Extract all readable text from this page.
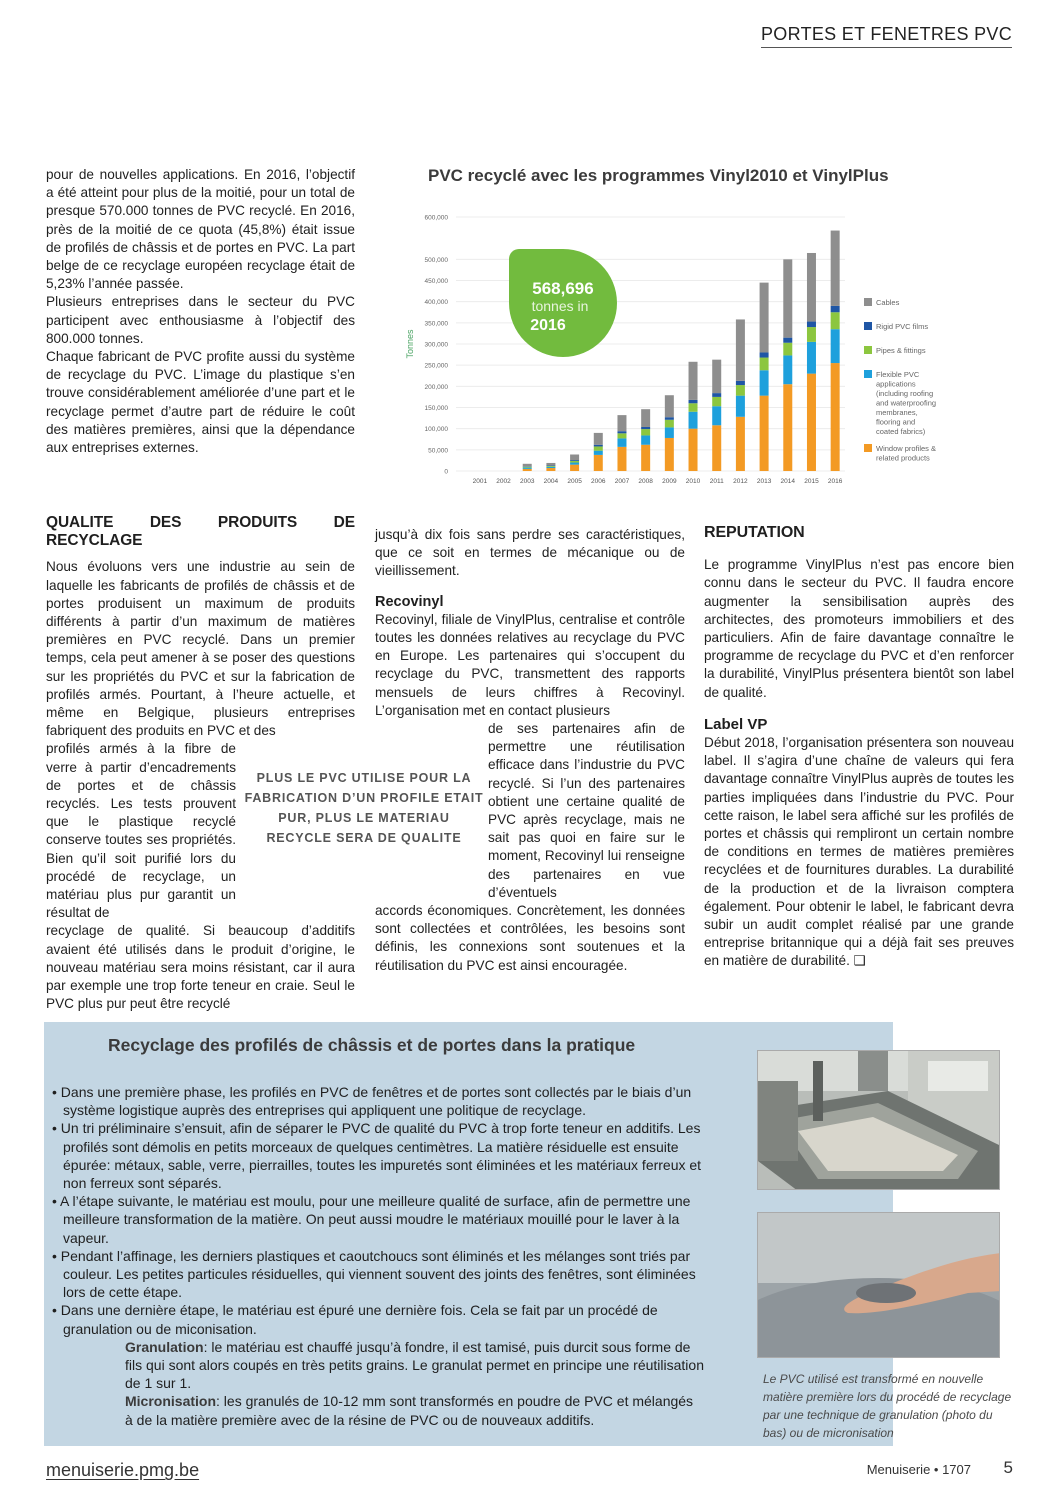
PORTES ET FENETRES PVC

pour de nouvelles applications. En 2016, l’objectif a été atteint pour plus de la moitié, pour un total de presque 570.000 tonnes de PVC recyclé. En 2016, près de la moitié de ce quota (45,8%) était issue de profilés de châssis et de portes en PVC. La part belge de ce recyclage européen recyclage était de 5,23% l’année passée.

Plusieurs entreprises dans le secteur du PVC participent avec enthousiasme à l’objectif des 800.000 tonnes.

Chaque fabricant de PVC profite aussi du système de recyclage du PVC. L’image du plastique s’en trouve considérablement améliorée d’une part et le recyclage permet d’autre part de réduire le coût des matières premières, ainsi que la dépendance aux entreprises externes.

PVC recyclé avec les programmes Vinyl2010 et VinylPlus
0
50,000
100,000
150,000
200,000
250,000
300,000
350,000
400,000
450,000
500,000
600,000
Tonnes
2001 2002 2003 2004 2005 2006 2007 2008 2009 2010 2011 2012 2013 2014 2015 2016
568,696
tonnes in
2016
Cables
Rigid PVC films
Pipes & fittings
Flexible PVC
applications
(including roofing
and waterproofing
membranes,
flooring and
coated fabrics)
Window profiles &
related products
QUALITE DES PRODUITS DE RECYCLAGE

Nous évoluons vers une industrie au sein de laquelle les fabricants de profilés de châssis et de portes produisent un maximum de produits différents à partir d’un maximum de matières premières en PVC recyclé. Dans un premier temps, cela peut amener à se poser des questions sur les propriétés du PVC et sur la fabrication de profilés armés. Pourtant, à l’heure actuelle, et même en Belgique, plusieurs entreprises fabriquent des produits en PVC et des

profilés armés à la fibre de verre à partir d’encadrements de portes et de châssis recyclés. Les tests prouvent que le plastique recyclé conserve toutes ses propriétés. Bien qu’il soit purifié lors du procédé de recyclage, un matériau plus pur garantit un résultat de

recyclage de qualité. Si beaucoup d’additifs avaient été utilisés dans le produit d’origine, le nouveau matériau sera moins résistant, car il aura par exemple une trop forte teneur en craie. Seul le PVC plus pur peut être recyclé

PLUS LE PVC UTILISE POUR LA FABRICATION D’UN PROFILE ETAIT PUR, PLUS LE MATERIAU RECYCLE SERA DE QUALITE

jusqu’à dix fois sans perdre ses caractéristiques, que ce soit en termes de mécanique ou de vieillissement.

Recovinyl

Recovinyl, filiale de VinylPlus, centralise et contrôle toutes les données relatives au recyclage du PVC en Europe. Les partenaires qui s’occupent du recyclage du PVC, transmettent des rapports mensuels de leurs chiffres à Recovinyl. L’organisation met en contact plusieurs

de ses partenaires afin de permettre une réutilisation efficace dans l’industrie du PVC recyclé. Si l’un des partenaires obtient une certaine qualité de PVC après recyclage, mais ne sait pas quoi en faire sur le moment, Recovinyl lui renseigne des partenaires en vue d’éventuels

accords économiques. Concrètement, les données sont collectées et contrôlées, les besoins sont définis, les connexions sont soutenues et la réutilisation du PVC est ainsi encouragée.

REPUTATION

Le programme VinylPlus n’est pas encore bien connu dans le secteur du PVC. Il faudra encore augmenter la sensibilisation auprès des architectes, des promoteurs immobiliers et des particuliers. Afin de faire davantage connaître le programme de recyclage du PVC et d’en renforcer la durabilité, VinylPlus présentera bientôt son label de qualité.

Label VP

Début 2018, l’organisation présentera son nouveau label. Il s’agira d’une chaîne de valeurs qui fera davantage connaître VinylPlus auprès de toutes les parties impliquées dans l’industrie du PVC. Pour cette raison, le label sera affiché sur les profilés de portes et châssis qui rempliront un certain nombre de conditions en termes de matières premières recyclées et de fournitures durables. La durabilité de la production et de la livraison comptera également. Pour obtenir le label, le fabricant devra subir un audit complet réalisé par une grande entreprise britannique qui a déjà fait ses preuves en matière de durabilité. ❑

Recyclage des profilés de châssis et de portes dans la pratique

• Dans une première phase, les profilés en PVC de fenêtres et de portes sont collectés par le biais d’un système logistique auprès des entreprises qui appliquent une politique de recyclage.

• Un tri préliminaire s’ensuit, afin de séparer le PVC de qualité du PVC à trop forte teneur en additifs. Les profilés sont démolis en petits morceaux de quelques centimètres. La matière résiduelle est ensuite épurée: métaux, sable, verre, pierrailles, toutes les impuretés sont éliminées et les matériaux ferreux et non ferreux sont séparés.

• A l’étape suivante, le matériau est moulu, pour une meilleure qualité de surface, afin de permettre une meilleure transformation de la matière. On peut aussi moudre le matériaux mouillé pour le laver à la vapeur.

• Pendant l’affinage, les derniers plastiques et caoutchoucs sont éliminés et les mélanges sont triés par couleur. Les petites particules résiduelles, qui viennent souvent des joints des fenêtres, sont éliminées lors de cette étape.

• Dans une dernière étape, le matériau est épuré une dernière fois. Cela se fait par un procédé de granulation ou de miconisation.

Granulation: le matériau est chauffé jusqu’à fondre, il est tamisé, puis durcit sous forme de fils qui sont alors coupés en très petits grains. Le granulat permet en principe une réutilisation de 1 sur 1.

Micronisation: les granulés de 10-12 mm sont transformés en poudre de PVC et mélangés à de la matière première avec de la résine de PVC ou de nouveaux additifs.

Le PVC utilisé est transformé en nouvelle matière première lors du procédé de recyclage par une technique de granulation (photo du bas) ou de micronisation
menuiserie.pmg.be	Menuiserie • 1707 5
